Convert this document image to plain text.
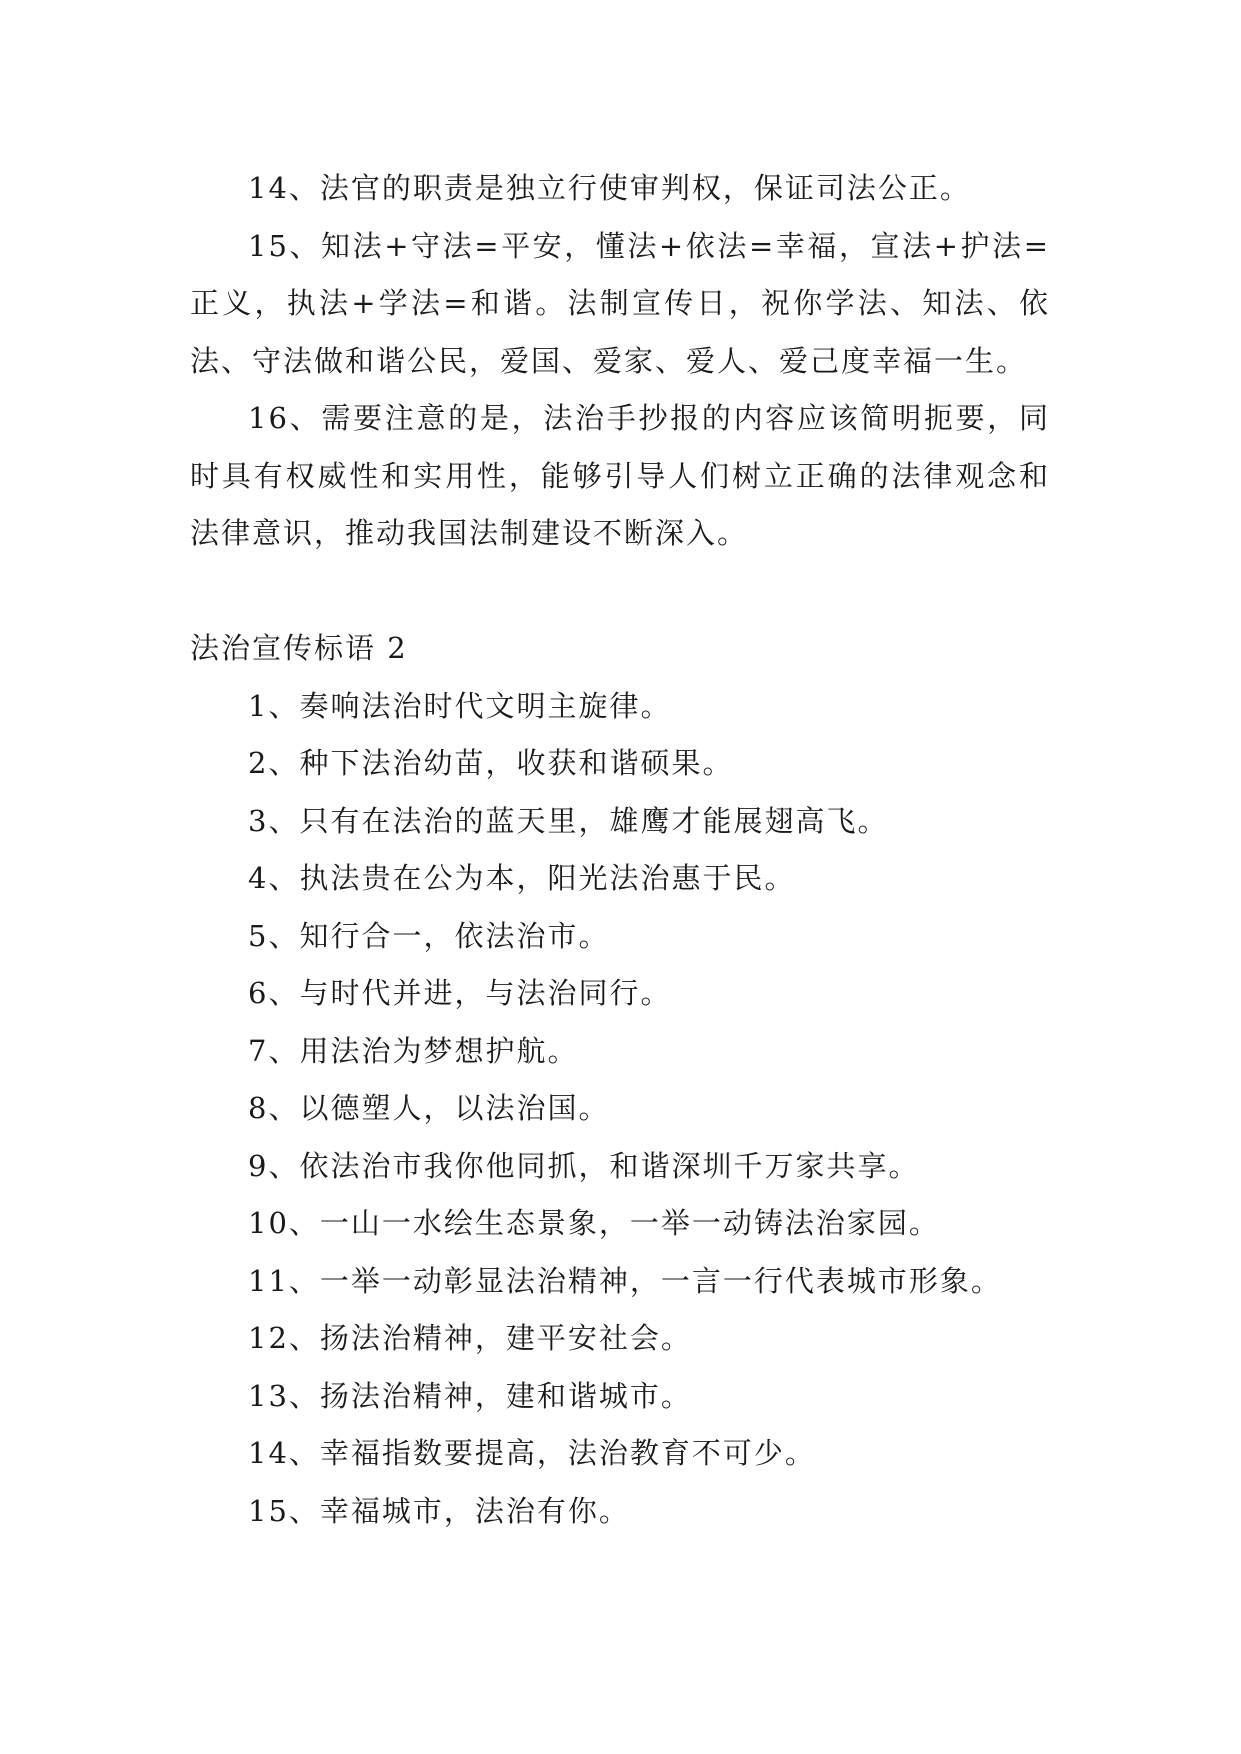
14、法官的职责是独立行使审判权，保证司法公正。

15、知法+守法=平安，懂法+依法=幸福，宣法+护法=正义，执法+学法=和谐。法制宣传日，祝你学法、知法、依法、守法做和谐公民，爱国、爱家、爱人、爱己度幸福一生。

16、需要注意的是，法治手抄报的内容应该简明扼要，同时具有权威性和实用性，能够引导人们树立正确的法律观念和法律意识，推动我国法制建设不断深入。

法治宣传标语 2

1、奏响法治时代文明主旋律。

2、种下法治幼苗，收获和谐硕果。

3、只有在法治的蓝天里，雄鹰才能展翅高飞。

4、执法贵在公为本，阳光法治惠于民。

5、知行合一，依法治市。

6、与时代并进，与法治同行。

7、用法治为梦想护航。

8、以德塑人，以法治国。

9、依法治市我你他同抓，和谐深圳千万家共享。

10、一山一水绘生态景象，一举一动铸法治家园。

11、一举一动彰显法治精神，一言一行代表城市形象。

12、扬法治精神，建平安社会。

13、扬法治精神，建和谐城市。

14、幸福指数要提高，法治教育不可少。

15、幸福城市，法治有你。
